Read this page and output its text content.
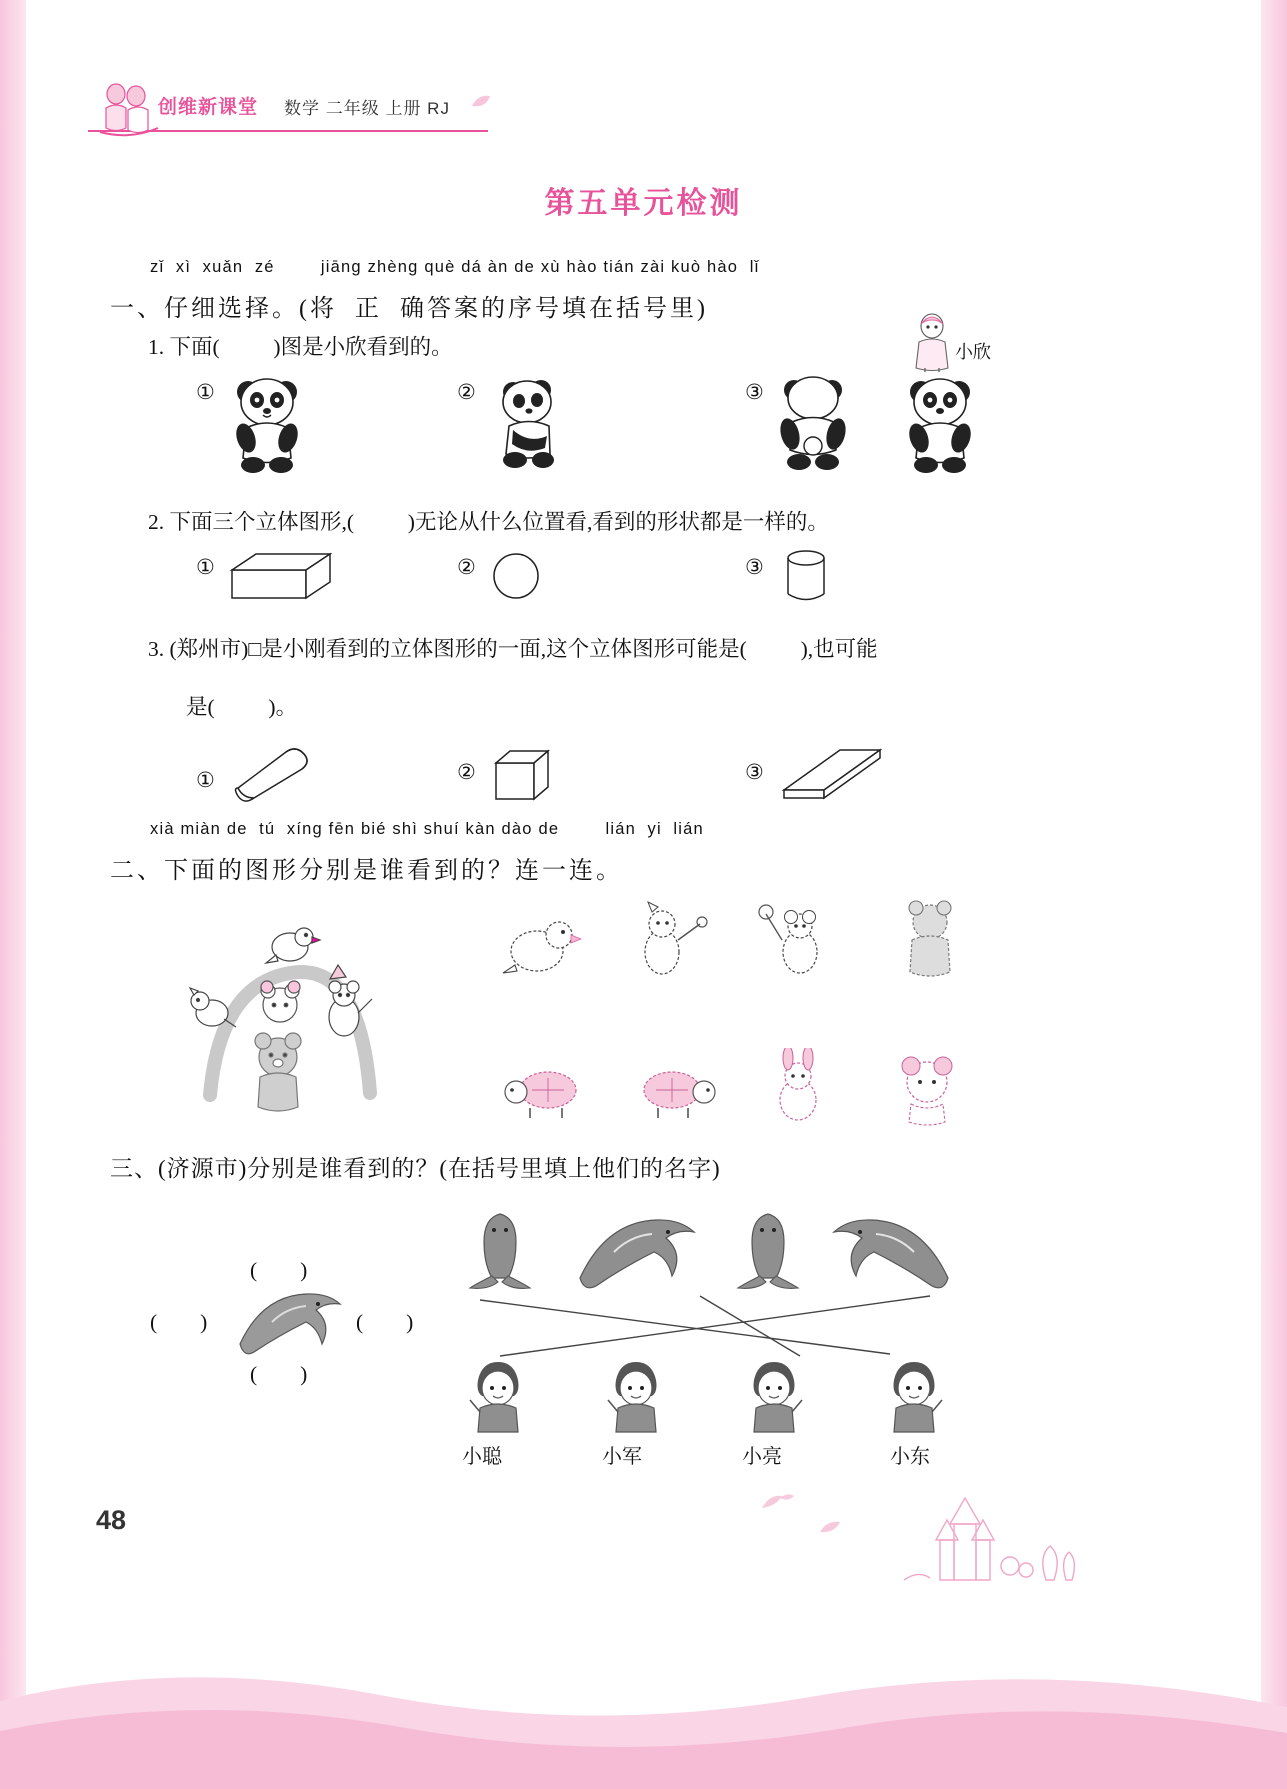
创维新课堂 数学 二年级 上册 RJ
第五单元检测
zǐ  xì  xuǎn  zé        jiāng zhèng què dá àn de xù hào tián zài kuò hào  lǐ
一、仔细选择。(将  正  确答案的序号填在括号里)
1. 下面(          )图是小欣看到的。	小欣
①	②	③
2. 下面三个立体图形,(          )无论从什么位置看,看到的形状都是一样的。
①	②	③
3. (郑州市)□是小刚看到的立体图形的一面,这个立体图形可能是(          ),也可能
是(          )。
①	②	③
xià miàn de  tú  xíng fēn bié shì shuí kàn dào de        lián  yi  lián
二、下面的图形分别是谁看到的？连一连。
三、(济源市)分别是谁看到的？(在括号里填上他们的名字)
(        )
(        )	(        )
(        )
小聪	小军	小亮	小东
48
